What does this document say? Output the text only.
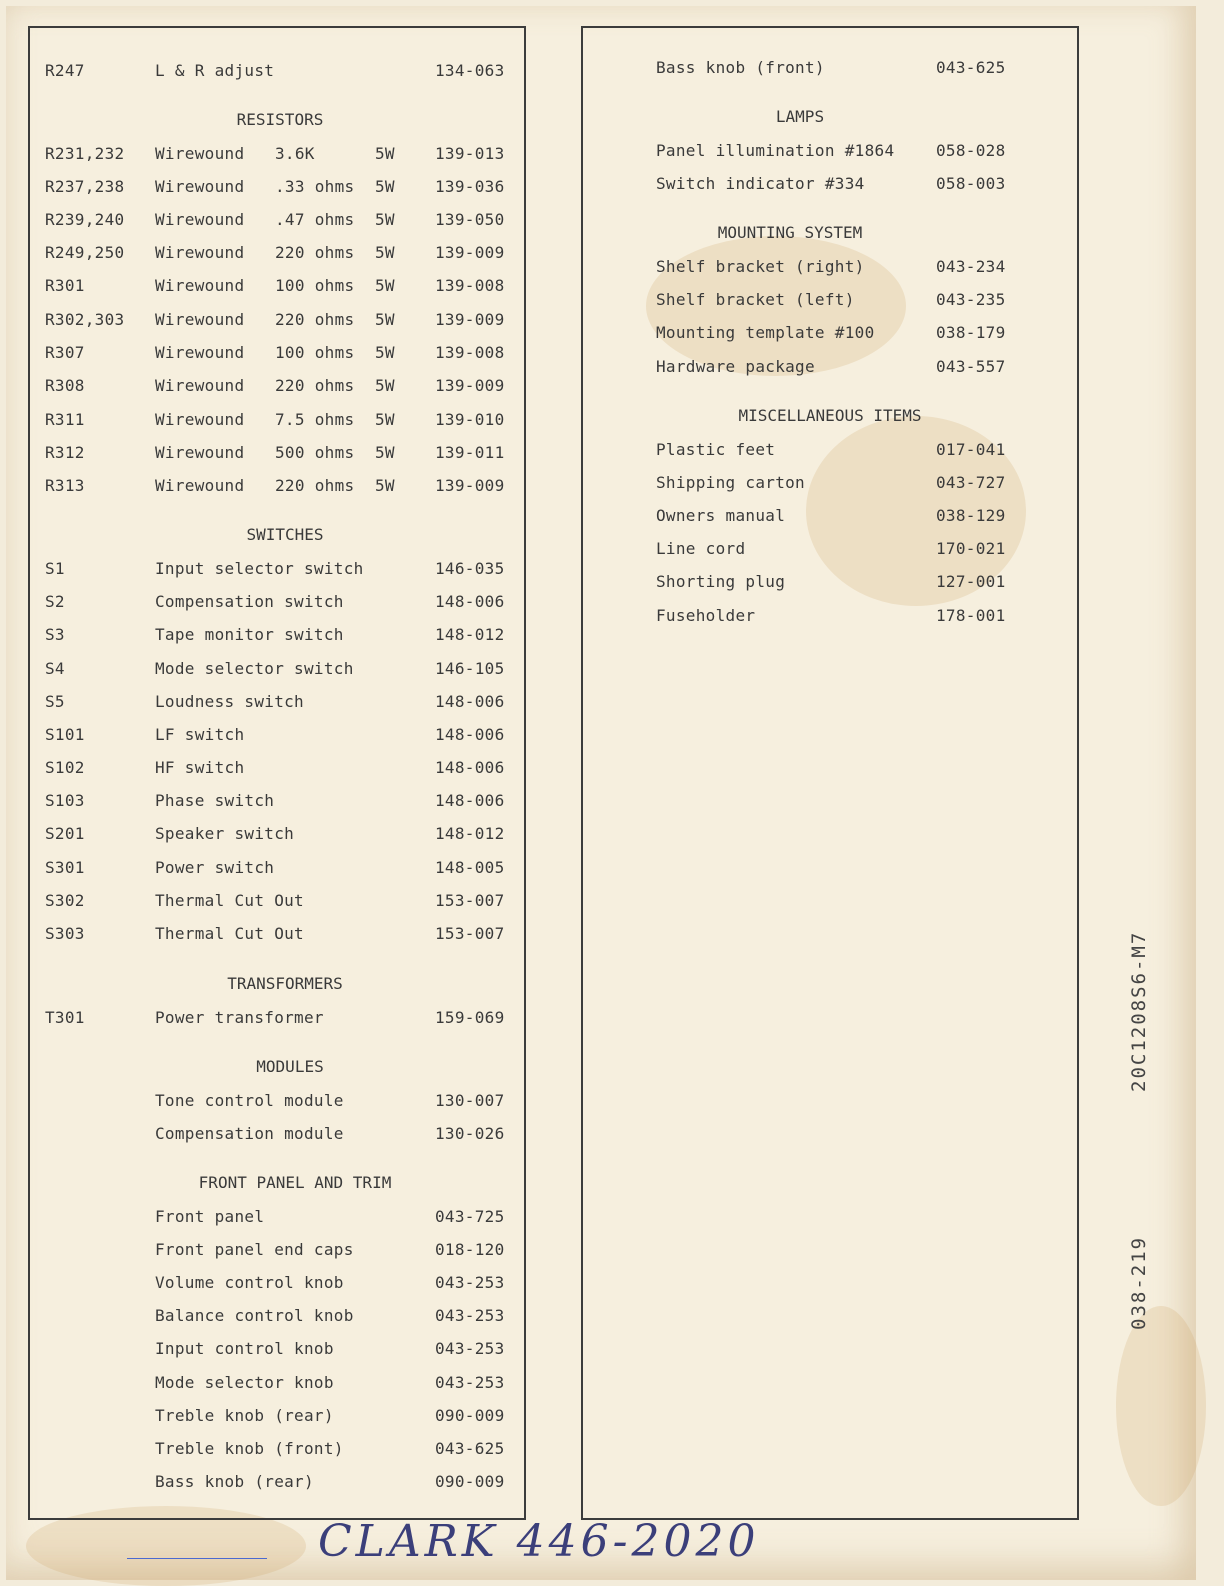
R247	L & R adjust	134-063
RESISTORS
R231,232 Wirewound 3.6K	5W	139-013
R237,238 Wirewound .33 ohms 5W	139-036
R239,240 Wirewound .47 ohms 5W	139-050
R249,250 Wirewound 220 ohms 5W	139-009
R301	Wirewound 100 ohms 5W	139-008
R302,303 Wirewound 220 ohms 5W	139-009
R307	Wirewound 100 ohms 5W	139-008
R308	Wirewound 220 ohms 5W	139-009
R311	Wirewound 7.5 ohms 5W	139-010
R312	Wirewound 500 ohms 5W	139-011
R313	Wirewound 220 ohms 5W	139-009
SWITCHES
S1	Input selector switch	146-035
S2	Compensation switch	148-006
S3	Tape monitor switch	148-012
S4	Mode selector switch	146-105
S5	Loudness switch	148-006
S101	LF switch	148-006
S102	HF switch	148-006
S103	Phase switch	148-006
S201	Speaker switch	148-012
S301	Power switch	148-005
S302	Thermal Cut Out	153-007
S303	Thermal Cut Out	153-007
TRANSFORMERS
T301	Power transformer	159-069
MODULES
Tone control module	130-007
Compensation module	130-026
FRONT PANEL AND TRIM
Front panel	043-725
Front panel end caps	018-120
Volume control knob	043-253
Balance control knob	043-253
Input control knob	043-253
Mode selector knob	043-253
Treble knob (rear)	090-009
Treble knob (front)	043-625
Bass knob (rear)	090-009
Bass knob (front)	043-625
LAMPS
Panel illumination #1864	058-028
Switch indicator #334	058-003
MOUNTING SYSTEM
Shelf bracket (right)	043-234
Shelf bracket (left)	043-235
Mounting template #100	038-179
Hardware package	043-557
MISCELLANEOUS ITEMS
Plastic feet	017-041
Shipping carton	043-727
Owners manual	038-129
Line cord	170-021
Shorting plug	127-001
Fuseholder	178-001
20C1208S6-M7
038-219
CLARK 446-2020
